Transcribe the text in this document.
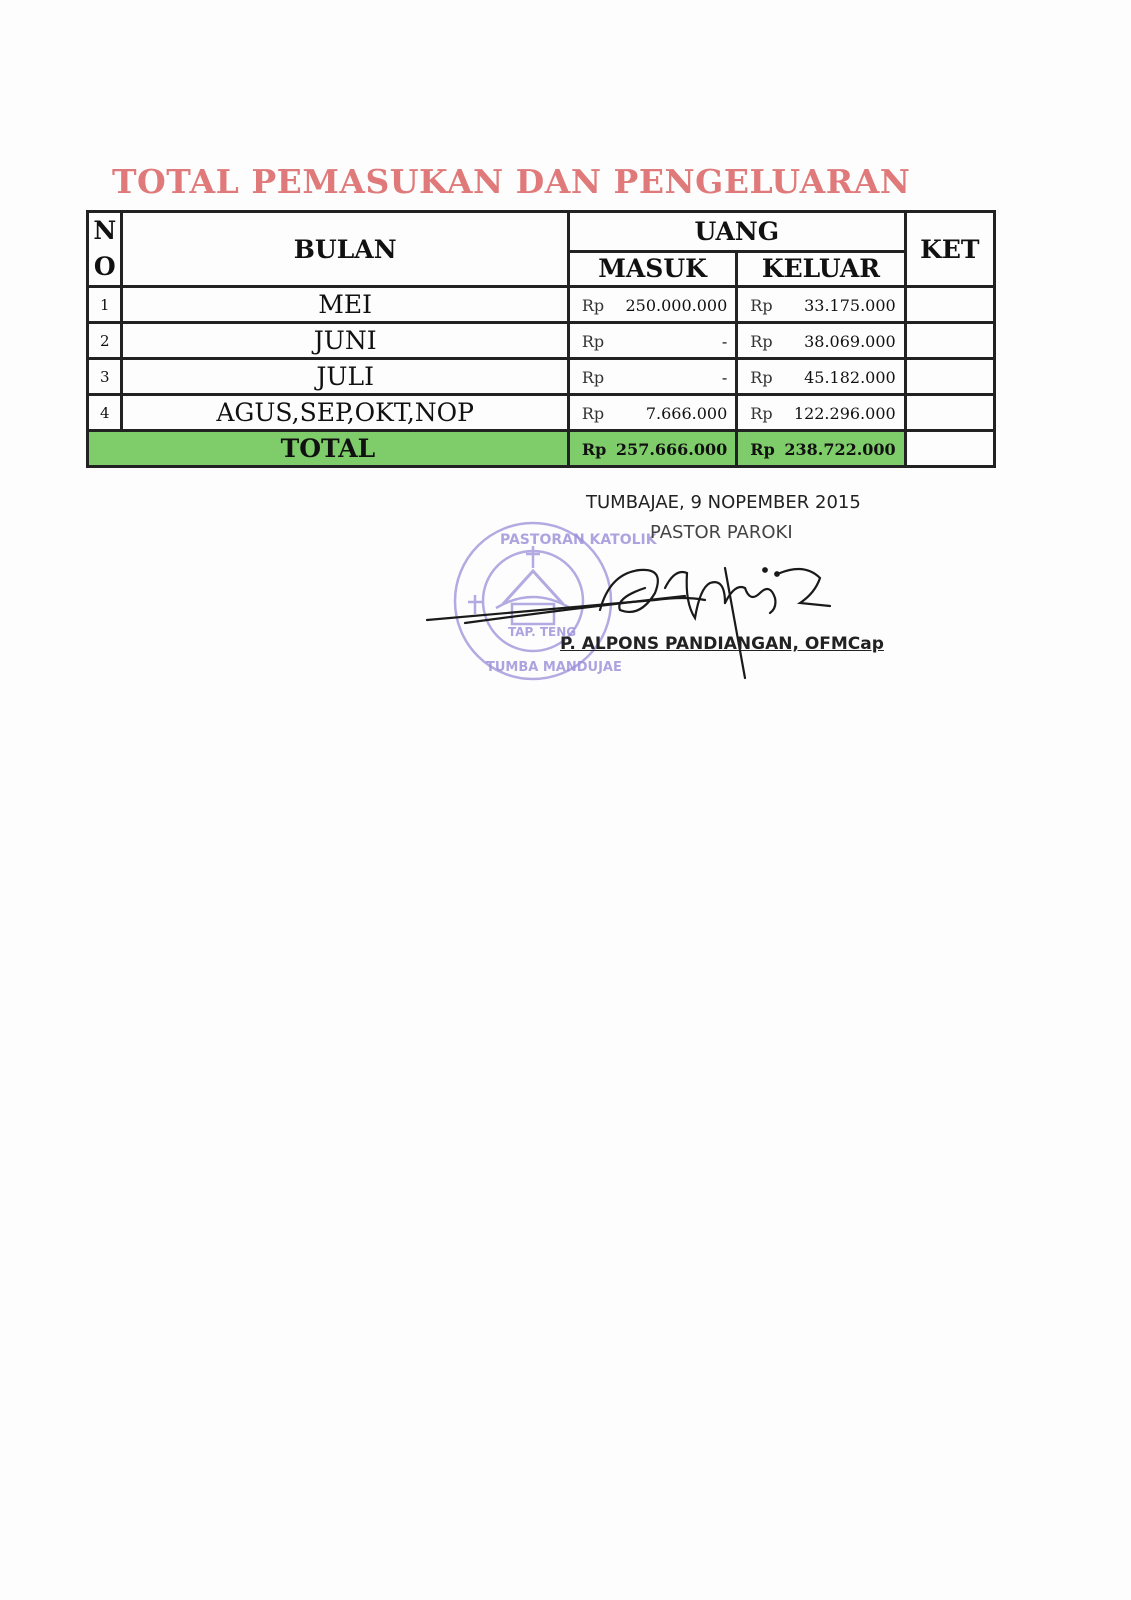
TOTAL PEMASUKAN DAN PENGELUARAN
N
O	BULAN	UANG		KET
		MASUK	KELUAR	
1	MEI	Rp 250.000.000	Rp 33.175.000	

2	JUNI	Rp -	Rp 38.069.000	

3	JULI	Rp -	Rp 45.182.000	

4	AGUS,SEP,OKT,NOP	Rp 7.666.000	Rp 122.296.000	

TOTAL		Rp 257.666.000	Rp 238.722.000	

PASTORAN KATOLIK
TAP. TENG
TUMBA MANDUJAE
TUMBAJAE, 9 NOPEMBER 2015
PASTOR PAROKI
P. ALPONS PANDIANGAN, OFMCap
